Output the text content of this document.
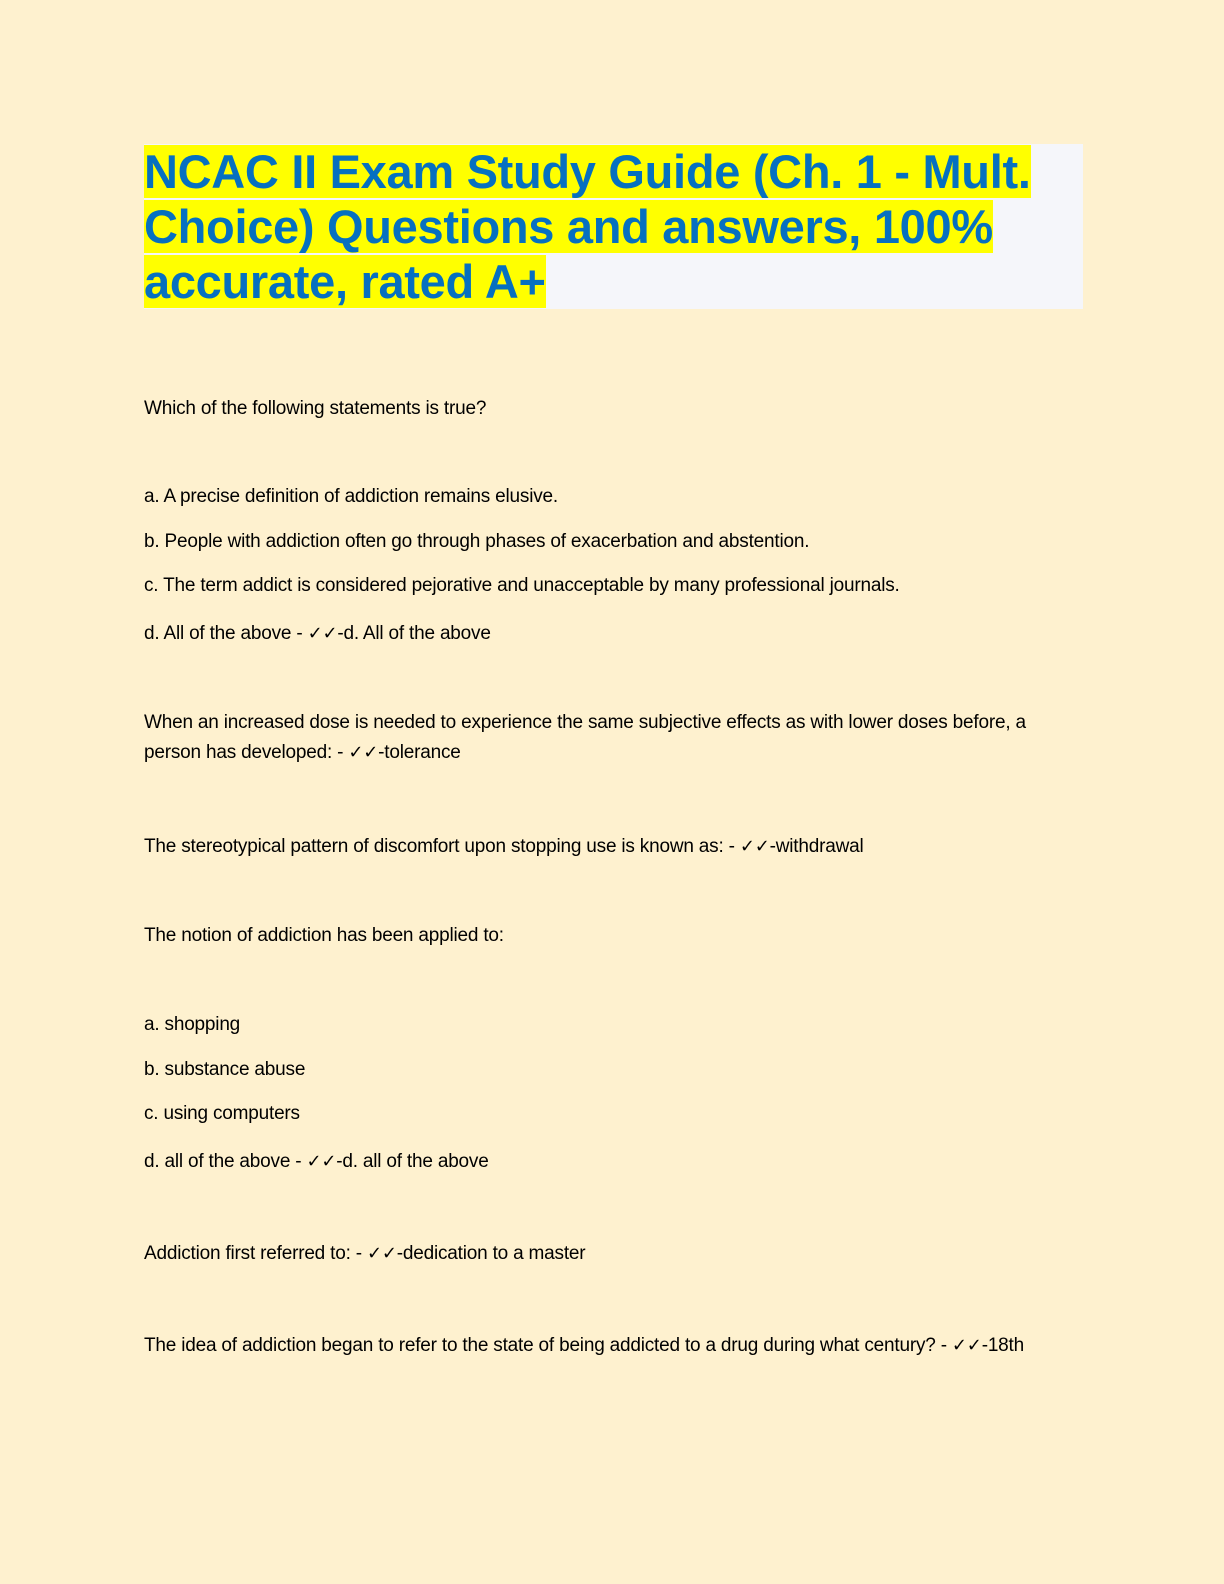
NCAC II Exam Study Guide (Ch. 1 - Mult.
Choice) Questions and answers, 100%
accurate, rated A+
Which of the following statements is true?
a. A precise definition of addiction remains elusive.
b. People with addiction often go through phases of exacerbation and abstention.
c. The term addict is considered pejorative and unacceptable by many professional journals.
d. All of the above - ✓✓-d. All of the above
When an increased dose is needed to experience the same subjective effects as with lower doses before, a person has developed: - ✓✓-tolerance
The stereotypical pattern of discomfort upon stopping use is known as: - ✓✓-withdrawal
The notion of addiction has been applied to:
a. shopping
b. substance abuse
c. using computers
d. all of the above - ✓✓-d. all of the above
Addiction first referred to: - ✓✓-dedication to a master
The idea of addiction began to refer to the state of being addicted to a drug during what century? - ✓✓-18th
